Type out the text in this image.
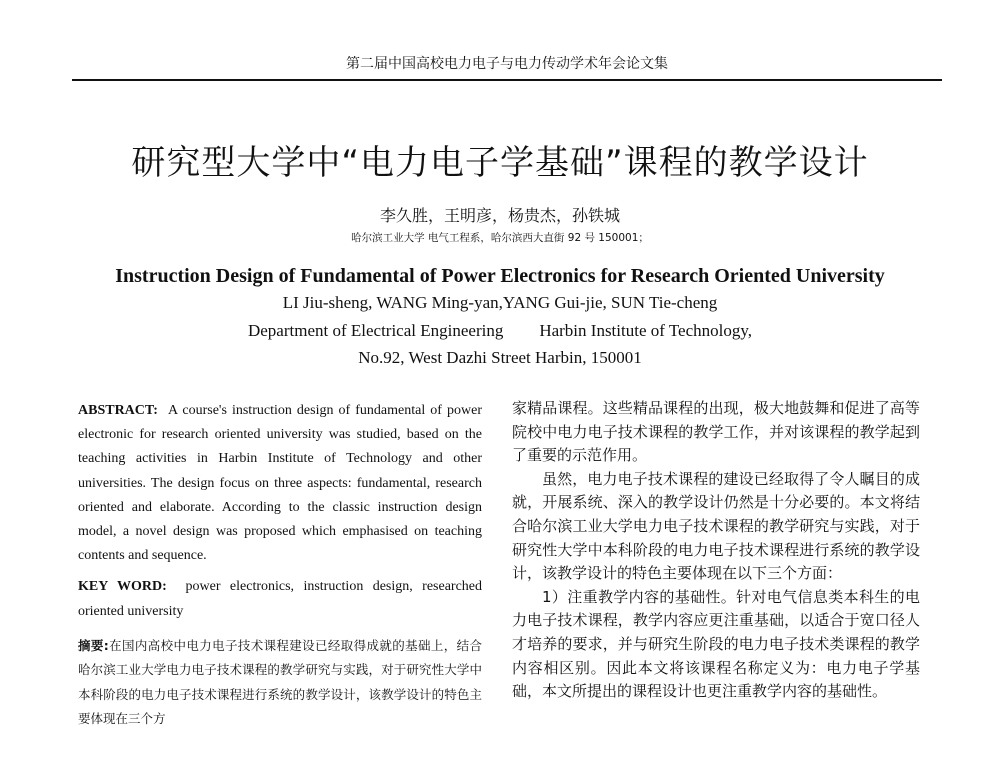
第二届中国高校电力电子与电力传动学术年会论文集
研究型大学中“电力电子学基础”课程的教学设计
李久胜，王明彦，杨贵杰，孙铁城
哈尔滨工业大学 电气工程系，哈尔滨西大直街 92 号 150001；
Instruction Design of Fundamental of Power Electronics for Research Oriented University
LI Jiu-sheng, WANG Ming-yan,YANG Gui-jie, SUN Tie-cheng
Department of Electrical Engineering Harbin Institute of Technology,
No.92, West Dazhi Street Harbin, 150001

ABSTRACT: A course's instruction design of fundamental of power electronic for research oriented university was studied, based on the teaching activities in Harbin Institute of Technology and other universities. The design focus on three aspects: fundamental, research oriented and elaborate. According to the classic instruction design model, a novel design was proposed which emphasised on teaching contents and sequence.

KEY WORD: power electronics, instruction design, researched oriented university

摘要:在国内高校中电力电子技术课程建设已经取得成就的基础上，结合哈尔滨工业大学电力电子技术课程的教学研究与实践，对于研究性大学中本科阶段的电力电子技术课程进行系统的教学设计，该教学设计的特色主要体现在三个方

家精品课程。这些精品课程的出现，极大地鼓舞和促进了高等院校中电力电子技术课程的教学工作，并对该课程的教学起到了重要的示范作用。

虽然，电力电子技术课程的建设已经取得了令人瞩目的成就，开展系统、深入的教学设计仍然是十分必要的。本文将结合哈尔滨工业大学电力电子技术课程的教学研究与实践，对于研究性大学中本科阶段的电力电子技术课程进行系统的教学设计，该教学设计的特色主要体现在以下三个方面：

1）注重教学内容的基础性。针对电气信息类本科生的电力电子技术课程，教学内容应更注重基础，以适合于宽口径人才培养的要求，并与研究生阶段的电力电子技术类课程的教学内容相区别。因此本文将该课程名称定义为：电力电子学基础，本文所提出的课程设计也更注重教学内容的基础性。
